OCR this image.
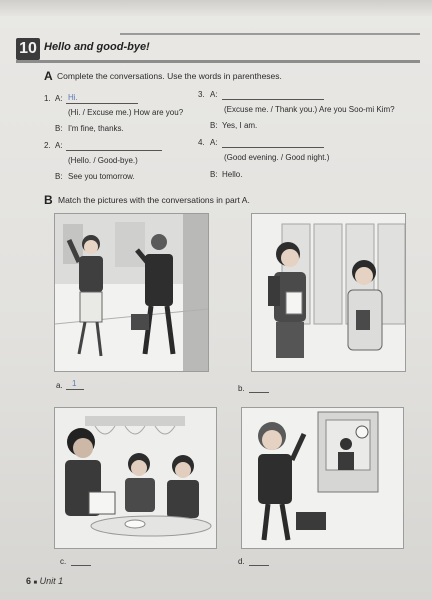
10 Hello and good-bye!
A Complete the conversations. Use the words in parentheses.
1. A: Hi.
(Hi. / Excuse me.) How are you?
B: I'm fine, thanks.
2. A:
(Hello. / Good-bye.)
B: See you tomorrow.
3. A:
(Excuse me. / Thank you.) Are you Soo-mi Kim?
B: Yes, I am.
4. A:
(Good evening. / Good night.)
B: Hello.
B Match the pictures with the conversations in part A.
a. 1
b.
c.	d.
6 ■ Unit 1
